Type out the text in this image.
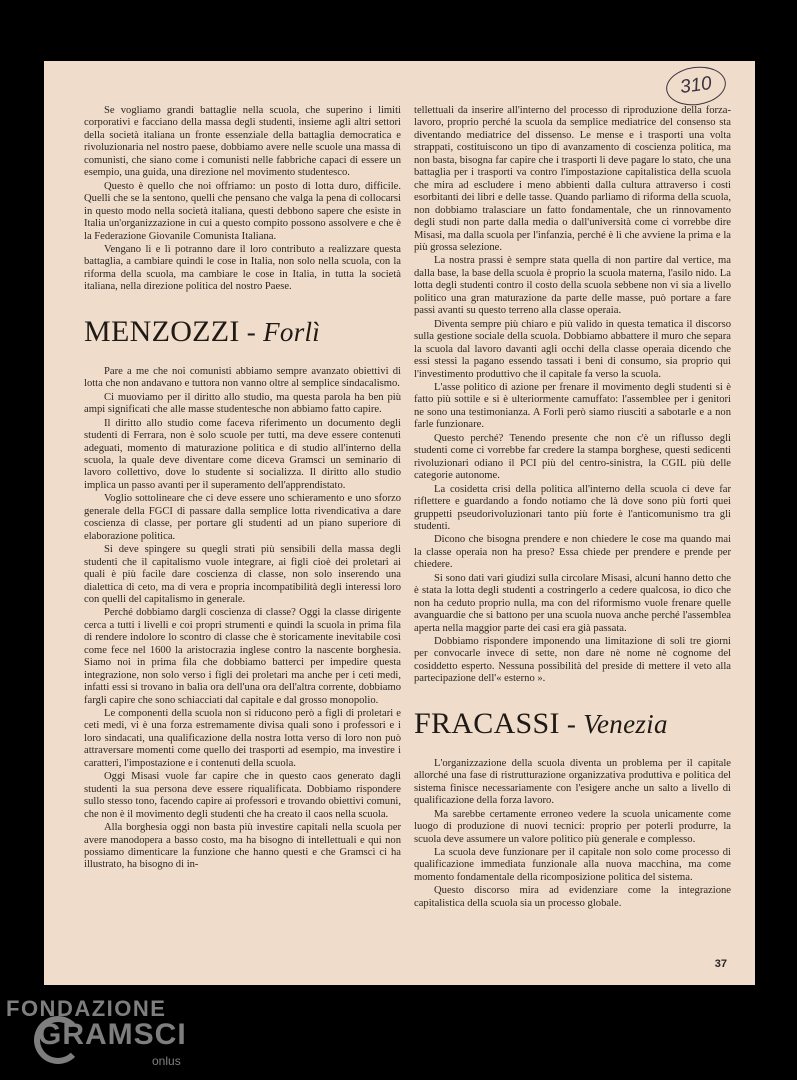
310

Se vogliamo grandi battaglie nella scuola, che superino i limiti corporativi e facciano della massa degli studenti, insieme agli altri settori della società italiana un fronte essenziale della battaglia democratica e rivoluzionaria nel nostro paese, dobbiamo avere nelle scuole una massa di comunisti, che siano come i comunisti nelle fabbriche capaci di essere un esempio, una guida, una direzione nel movimento studentesco.

Questo è quello che noi offriamo: un posto di lotta duro, difficile. Quelli che se la sentono, quelli che pensano che valga la pena di collocarsi in questo modo nella società italiana, questi debbono sapere che esiste in Italia un'organizzazione in cui a questo compito possono assolvere e che è la Federazione Giovanile Comunista Italiana.

Vengano lì e lì potranno dare il loro contributo a realizzare questa battaglia, a cambiare quindi le cose in Italia, non solo nella scuola, con la riforma della scuola, ma cambiare le cose in Italia, in tutta la società italiana, nella direzione politica del nostro Paese.

MENZOZZI - Forlì

Pare a me che noi comunisti abbiamo sempre avanzato obiettivi di lotta che non andavano e tuttora non vanno oltre al semplice sindacalismo.

Ci muoviamo per il diritto allo studio, ma questa parola ha ben più ampi significati che alle masse studentesche non abbiamo fatto capire.

Il diritto allo studio come faceva riferimento un documento degli studenti di Ferrara, non è solo scuole per tutti, ma deve essere contenuti adeguati, momento di maturazione politica e di studio all'interno della scuola, la quale deve diventare come diceva Gramsci un seminario di lavoro collettivo, dove lo studente si socializza. Il diritto allo studio implica un passo avanti per il superamento dell'apprendistato.

Voglio sottolineare che ci deve essere uno schieramento e uno sforzo generale della FGCI di passare dalla semplice lotta rivendicativa a dare coscienza di classe, per portare gli studenti ad un piano superiore di elaborazione politica.

Si deve spingere su quegli strati più sensibili della massa degli studenti che il capitalismo vuole integrare, ai figli cioè dei proletari ai quali è più facile dare coscienza di classe, non solo inserendo una dialettica di ceto, ma di vera e propria incompatibilità degli interessi loro con quelli del capitalismo in generale.

Perché dobbiamo dargli coscienza di classe? Oggi la classe dirigente cerca a tutti i livelli e coi propri strumenti e quindi la scuola in prima fila di rendere indolore lo scontro di classe che è storicamente inevitabile così come fece nel 1600 la aristocrazia inglese contro la nascente borghesia. Siamo noi in prima fila che dobbiamo batterci per impedire questa integrazione, non solo verso i figli dei proletari ma anche per i ceti medi, infatti essi si trovano in balìa ora dell'una ora dell'altra corrente, dobbiamo fargli capire che sono schiacciati dal capitale e dal grosso monopolio.

Le componenti della scuola non si riducono però a figli di proletari e ceti medi, vi è una forza estremamente divisa quali sono i professori e i loro sindacati, una qualificazione della nostra lotta verso di loro non può attraversare momenti come quello dei trasporti ad esempio, ma investire i caratteri, l'impostazione e i contenuti della scuola.

Oggi Misasi vuole far capire che in questo caos generato dagli studenti la sua persona deve essere riqualificata. Dobbiamo rispondere sullo stesso tono, facendo capire ai professori e trovando obiettivi comuni, che non è il movimento degli studenti che ha creato il caos nella scuola.

Alla borghesia oggi non basta più investire capitali nella scuola per avere manodopera a basso costo, ma ha bisogno di intellettuali e qui non possiamo dimenticare la funzione che hanno questi e che Gramsci ci ha illustrato, ha bisogno di in-

tellettuali da inserire all'interno del processo di riproduzione della forza-lavoro, proprio perché la scuola da semplice mediatrice del consenso sta diventando mediatrice del dissenso. Le mense e i trasporti una volta strappati, costituiscono un tipo di avanzamento di coscienza politica, ma non basta, bisogna far capire che i trasporti li deve pagare lo stato, che una battaglia per i trasporti va contro l'impostazione capitalistica della scuola che mira ad escludere i meno abbienti dalla cultura attraverso i costi esorbitanti dei libri e delle tasse. Quando parliamo di riforma della scuola, non dobbiamo tralasciare un fatto fondamentale, che un rinnovamento degli studi non parte dalla media o dall'università come ci vorrebbe dire Misasi, ma dalla scuola per l'infanzia, perché è lì che avviene la prima e la più grossa selezione.

La nostra prassi è sempre stata quella di non partire dal vertice, ma dalla base, la base della scuola è proprio la scuola materna, l'asilo nido. La lotta degli studenti contro il costo della scuola sebbene non vi sia a livello politico una gran maturazione da parte delle masse, può portare a fare passi avanti su questo terreno alla classe operaia.

Diventa sempre più chiaro e più valido in questa tematica il discorso sulla gestione sociale della scuola. Dobbiamo abbattere il muro che separa la scuola dal lavoro davanti agli occhi della classe operaia dicendo che essi stessi la pagano essendo tassati i beni di consumo, sia proprio qui l'investimento produttivo che il capitale fa verso la scuola.

L'asse politico di azione per frenare il movimento degli studenti si è fatto più sottile e si è ulteriormente camuffato: l'assemblee per i genitori ne sono una testimonianza. A Forlì però siamo riusciti a sabotarle e a non farle funzionare.

Questo perché? Tenendo presente che non c'è un riflusso degli studenti come ci vorrebbe far credere la stampa borghese, questi sedicenti rivoluzionari odiano il PCI più del centro-sinistra, la CGIL più delle categorie autonome.

La cosidetta crisi della politica all'interno della scuola ci deve far riflettere e guardando a fondo notiamo che là dove sono più forti quei gruppetti pseudorivoluzionari tanto più forte è l'anticomunismo tra gli studenti.

Dicono che bisogna prendere e non chiedere le cose ma quando mai la classe operaia non ha preso? Essa chiede per prendere e prende per chiedere.

Si sono dati vari giudizi sulla circolare Misasi, alcuni hanno detto che è stata la lotta degli studenti a costringerlo a cedere qualcosa, io dico che non ha ceduto proprio nulla, ma con del riformismo vuole frenare quelle avanguardie che si battono per una scuola nuova anche perché l'assemblea aperta nella maggior parte dei casi era già passata.

Dobbiamo rispondere imponendo una limitazione di soli tre giorni per convocarle invece di sette, non dare nè nome nè cognome del cosiddetto esperto. Nessuna possibilità del preside di mettere il veto alla partecipazione dell'« esterno ».

FRACASSI - Venezia

L'organizzazione della scuola diventa un problema per il capitale allorché una fase di ristrutturazione organizzativa produttiva e politica del sistema finisce necessariamente con l'esigere anche un salto a livello di qualificazione della forza lavoro.

Ma sarebbe certamente erroneo vedere la scuola unicamente come luogo di produzione di nuovi tecnici: proprio per poterli produrre, la scuola deve assumere un valore politico più generale e complesso.

La scuola deve funzionare per il capitale non solo come processo di qualificazione immediata funzionale alla nuova macchina, ma come momento fondamentale della ricomposizione politica del sistema.

Questo discorso mira ad evidenziare come la integrazione capitalistica della scuola sia un processo globale.

37
FONDAZIONE
GRAMSCI
onlus
